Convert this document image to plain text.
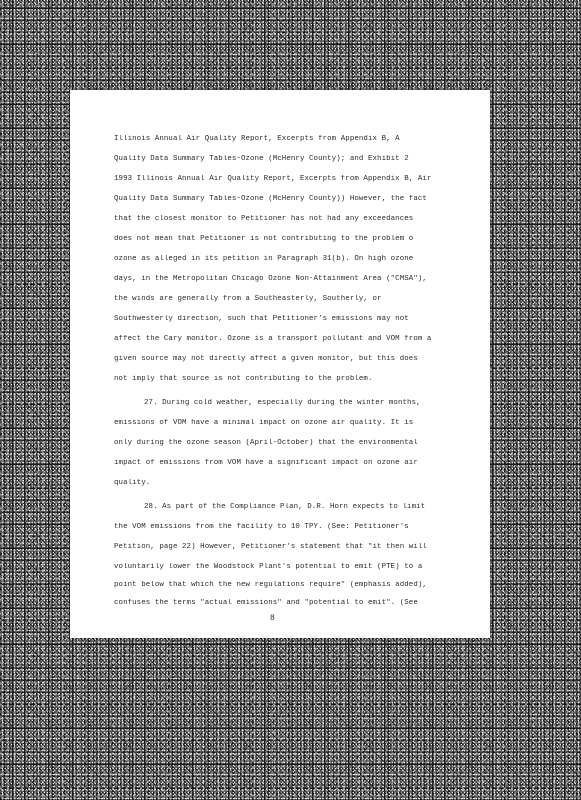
Illinois Annual Air Quality Report, Excerpts from Appendix B, A
Quality Data Summary Tables-Ozone (McHenry County); and Exhibit 2
1993 Illinois Annual Air Quality Report, Excerpts from Appendix B, Air
Quality Data Summary Tables-Ozone (McHenry County)) However, the fact
that the closest monitor to Petitioner has not had any exceedances
does not mean that Petitioner is not contributing to the problem o
ozone as alleged in its petition in Paragraph 31(b). On high ozone
days, in the Metropolitan Chicago Ozone Non-Attainment Area ("CMSA"),
the winds are generally from a Southeasterly, Southerly, or
Southwesterly direction, such that Petitioner's emissions may not
affect the Cary monitor. Ozone is a transport pollutant and VOM from a
given source may not directly affect a given monitor, but this does
not imply that source is not contributing to the problem.
27. During cold weather, especially during the winter months,
emissions of VOM have a minimal impact on ozone air quality. It is
only during the ozone season (April-October) that the environmental
impact of emissions from VOM have a significant impact on ozone air
quality.
28. As part of the Compliance Plan, D.R. Horn expects to limit
the VOM emissions from the facility to 10 TPY. (See: Petitioner's
Petition, page 22) However, Petitioner's statement that "it then will
voluntarily lower the Woodstock Plant's potential to emit (PTE) to a
point below that which the new regulations require" (emphasis added),
confuses the terms "actual emissions" and "potential to emit". (See
8
